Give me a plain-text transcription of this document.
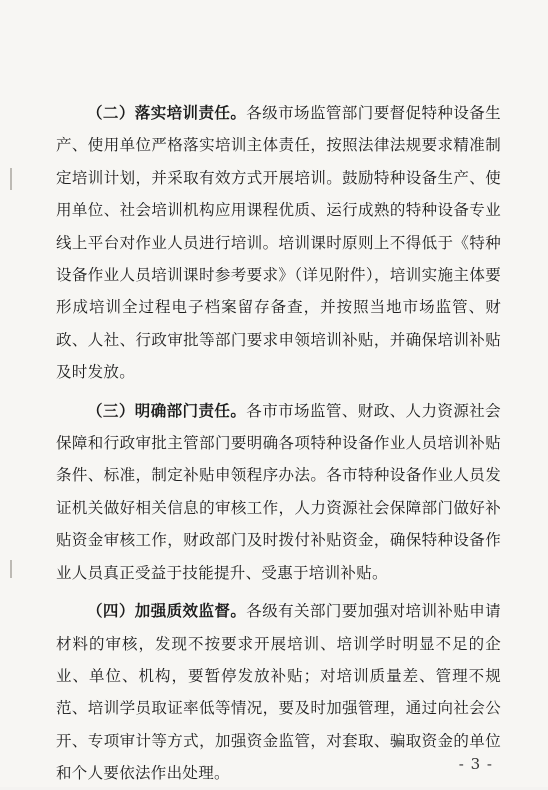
（二）落实培训责任。各级市场监管部门要督促特种设备生产、使用单位严格落实培训主体责任，按照法律法规要求精准制定培训计划，并采取有效方式开展培训。鼓励特种设备生产、使用单位、社会培训机构应用课程优质、运行成熟的特种设备专业线上平台对作业人员进行培训。培训课时原则上不得低于《特种设备作业人员培训课时参考要求》（详见附件），培训实施主体要形成培训全过程电子档案留存备查，并按照当地市场监管、财政、人社、行政审批等部门要求申领培训补贴，并确保培训补贴及时发放。

（三）明确部门责任。各市市场监管、财政、人力资源社会保障和行政审批主管部门要明确各项特种设备作业人员培训补贴条件、标准，制定补贴申领程序办法。各市特种设备作业人员发证机关做好相关信息的审核工作，人力资源社会保障部门做好补贴资金审核工作，财政部门及时拨付补贴资金，确保特种设备作业人员真正受益于技能提升、受惠于培训补贴。

（四）加强质效监督。各级有关部门要加强对培训补贴申请材料的审核，发现不按要求开展培训、培训学时明显不足的企业、单位、机构，要暂停发放补贴；对培训质量差、管理不规范、培训学员取证率低等情况，要及时加强管理，通过向社会公开、专项审计等方式，加强资金监管，对套取、骗取资金的单位和个人要依法作出处理。

- 3 -
